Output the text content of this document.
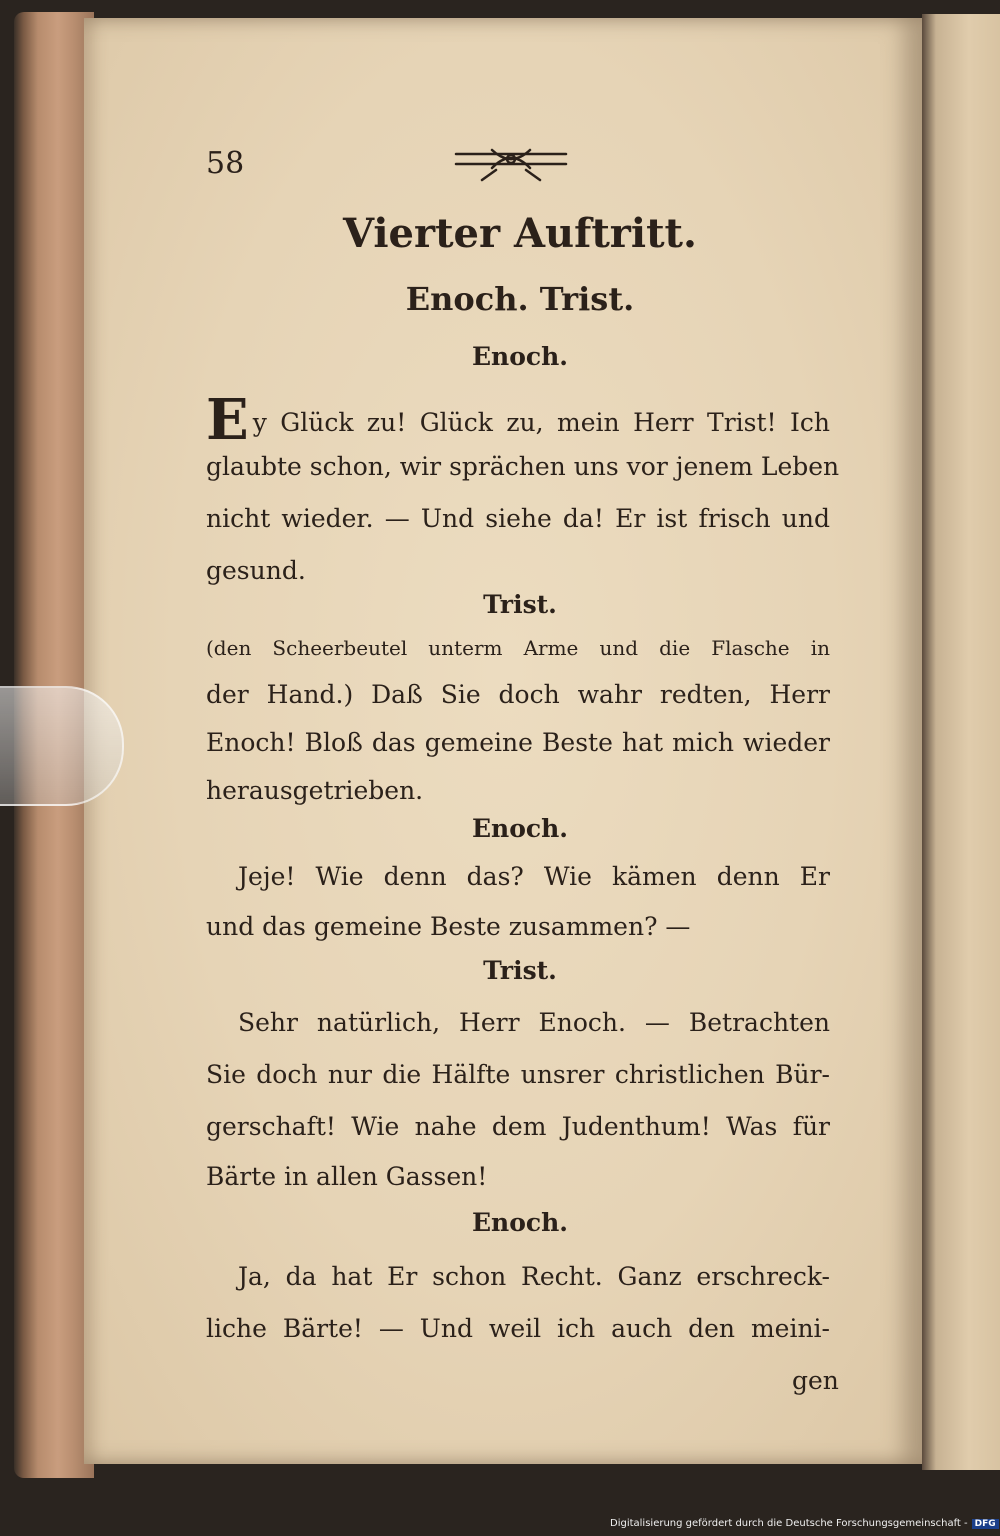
58
Vierter Auftritt.
Enoch. Trist.
Enoch.
Ey Glück zu! Glück zu, mein Herr Trist! Ich
glaubte schon, wir sprächen uns vor jenem Leben
nicht wieder. — Und siehe da! Er ist frisch und
gesund.
Trist.
(den Scheerbeutel unterm Arme und die Flasche in
der Hand.) Daß Sie doch wahr redten, Herr
Enoch! Bloß das gemeine Beste hat mich wieder
herausgetrieben.
Enoch.
Jeje! Wie denn das? Wie kämen denn Er
und das gemeine Beste zusammen? —
Trist.
Sehr natürlich, Herr Enoch. — Betrachten
Sie doch nur die Hälfte unsrer christlichen Bür-
gerschaft! Wie nahe dem Judenthum! Was für
Bärte in allen Gassen!
Enoch.
Ja, da hat Er schon Recht. Ganz erschreck-
liche Bärte! — Und weil ich auch den meini-
gen
Digitalisierung gefördert durch die Deutsche Forschungsgemeinschaft - DFG
